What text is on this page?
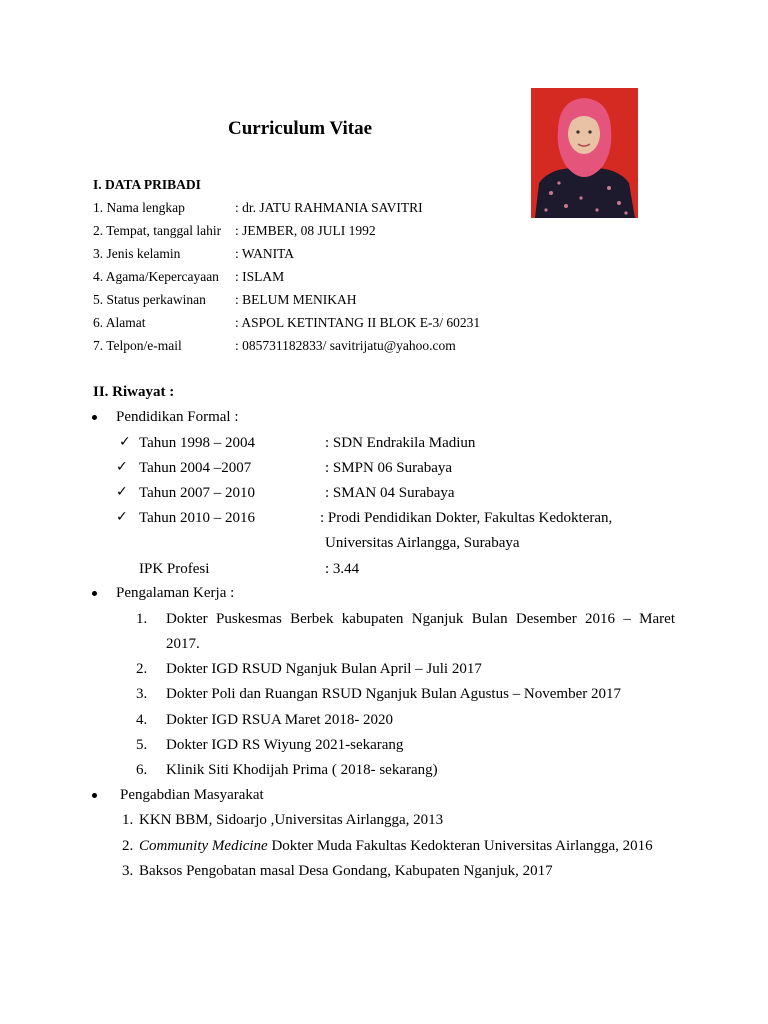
Curriculum Vitae
I. DATA PRIBADI
1. Nama lengkap	: dr. JATU RAHMANIA SAVITRI
2. Tempat, tanggal lahir : JEMBER, 08 JULI 1992
3. Jenis kelamin	: WANITA
4. Agama/Kepercayaan : ISLAM
5. Status perkawinan : BELUM MENIKAH
6. Alamat	: ASPOL KETINTANG II BLOK E-3/ 60231
7. Telpon/e-mail	: 085731182833/ savitrijatu@yahoo.com
II. Riwayat :
Pendidikan Formal :
✓ Tahun 1998 – 2004	: SDN Endrakila Madiun
✓ Tahun 2004 –2007	: SMPN 06 Surabaya
✓ Tahun 2007 – 2010	: SMAN 04 Surabaya
✓ Tahun 2010 – 2016	: Prodi Pendidikan Dokter, Fakultas Kedokteran,
Universitas Airlangga, Surabaya
IPK Profesi	: 3.44
Pengalaman Kerja :
1. Dokter Puskesmas Berbek kabupaten Nganjuk Bulan Desember 2016 – Maret
2017.
2. Dokter IGD RSUD Nganjuk Bulan April – Juli 2017
3. Dokter Poli dan Ruangan RSUD Nganjuk Bulan Agustus – November 2017
4. Dokter IGD RSUA Maret 2018- 2020
5. Dokter IGD RS Wiyung 2021-sekarang
6. Klinik Siti Khodijah Prima ( 2018- sekarang)
Pengabdian Masyarakat
1. KKN BBM, Sidoarjo ,Universitas Airlangga, 2013
2. Community Medicine Dokter Muda Fakultas Kedokteran Universitas Airlangga, 2016
3. Baksos Pengobatan masal Desa Gondang, Kabupaten Nganjuk, 2017
